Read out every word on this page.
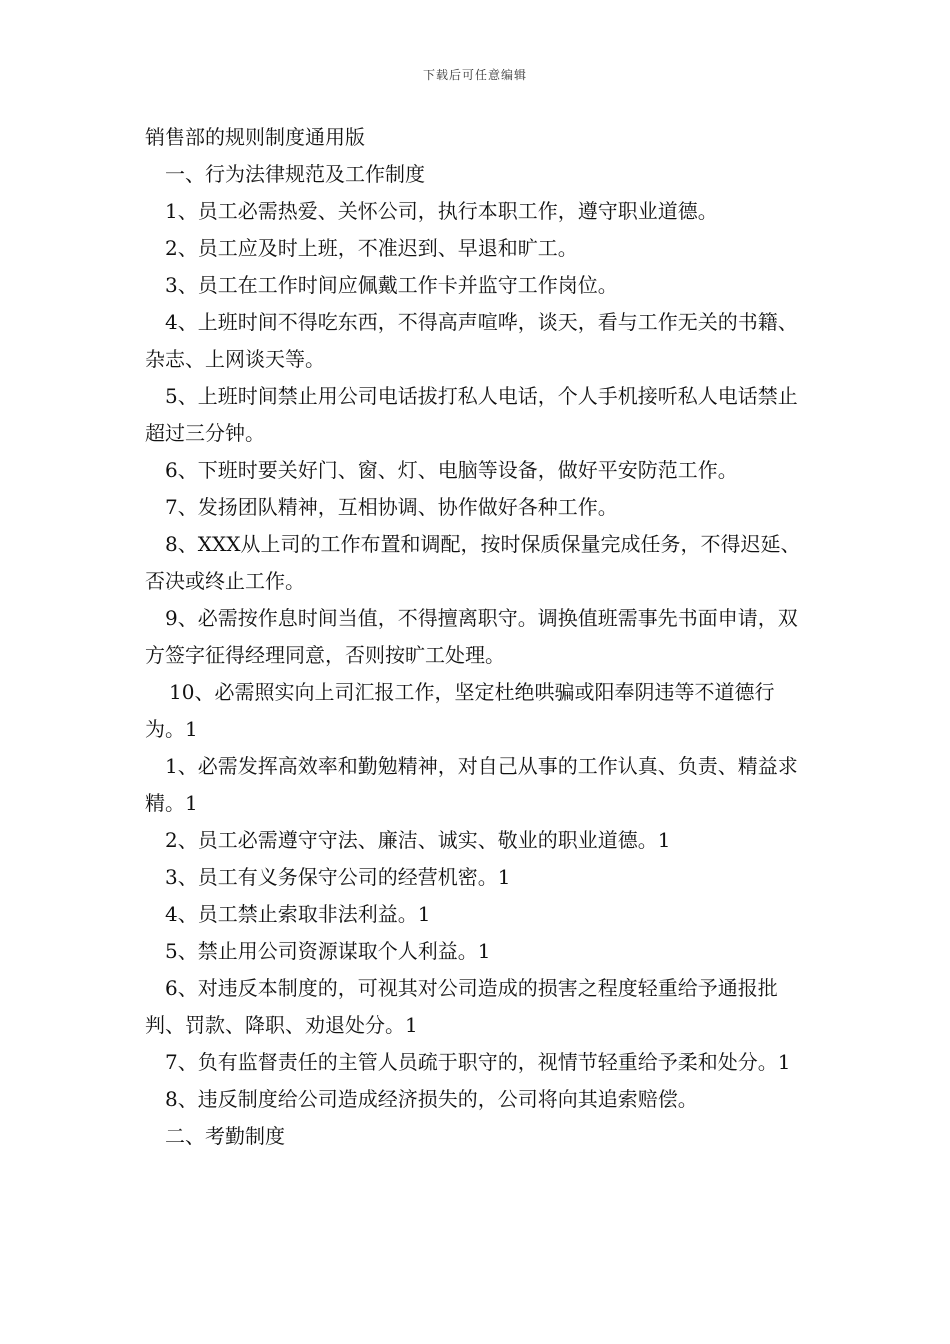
下载后可任意编辑

销售部的规则制度通用版

一、行为法律规范及工作制度

1、员工必需热爱、关怀公司，执行本职工作，遵守职业道德。

2、员工应及时上班，不准迟到、早退和旷工。

3、员工在工作时间应佩戴工作卡并监守工作岗位。

4、上班时间不得吃东西，不得高声喧哗，谈天，看与工作无关的书籍、杂志、上网谈天等。

5、上班时间禁止用公司电话拔打私人电话，个人手机接听私人电话禁止超过三分钟。

6、下班时要关好门、窗、灯、电脑等设备，做好平安防范工作。

7、发扬团队精神，互相协调、协作做好各种工作。

8、XXX从上司的工作布置和调配，按时保质保量完成任务，不得迟延、否决或终止工作。

9、必需按作息时间当值，不得擅离职守。调换值班需事先书面申请，双方签字征得经理同意，否则按旷工处理。

10、必需照实向上司汇报工作，坚定杜绝哄骗或阳奉阴违等不道德行为。1

1、必需发挥高效率和勤勉精神，对自己从事的工作认真、负责、精益求精。1

2、员工必需遵守守法、廉洁、诚实、敬业的职业道德。1

3、员工有义务保守公司的经营机密。1

4、员工禁止索取非法利益。1

5、禁止用公司资源谋取个人利益。1

6、对违反本制度的，可视其对公司造成的损害之程度轻重给予通报批判、罚款、降职、劝退处分。1

7、负有监督责任的主管人员疏于职守的，视情节轻重给予柔和处分。1

8、违反制度给公司造成经济损失的，公司将向其追索赔偿。

二、考勤制度
